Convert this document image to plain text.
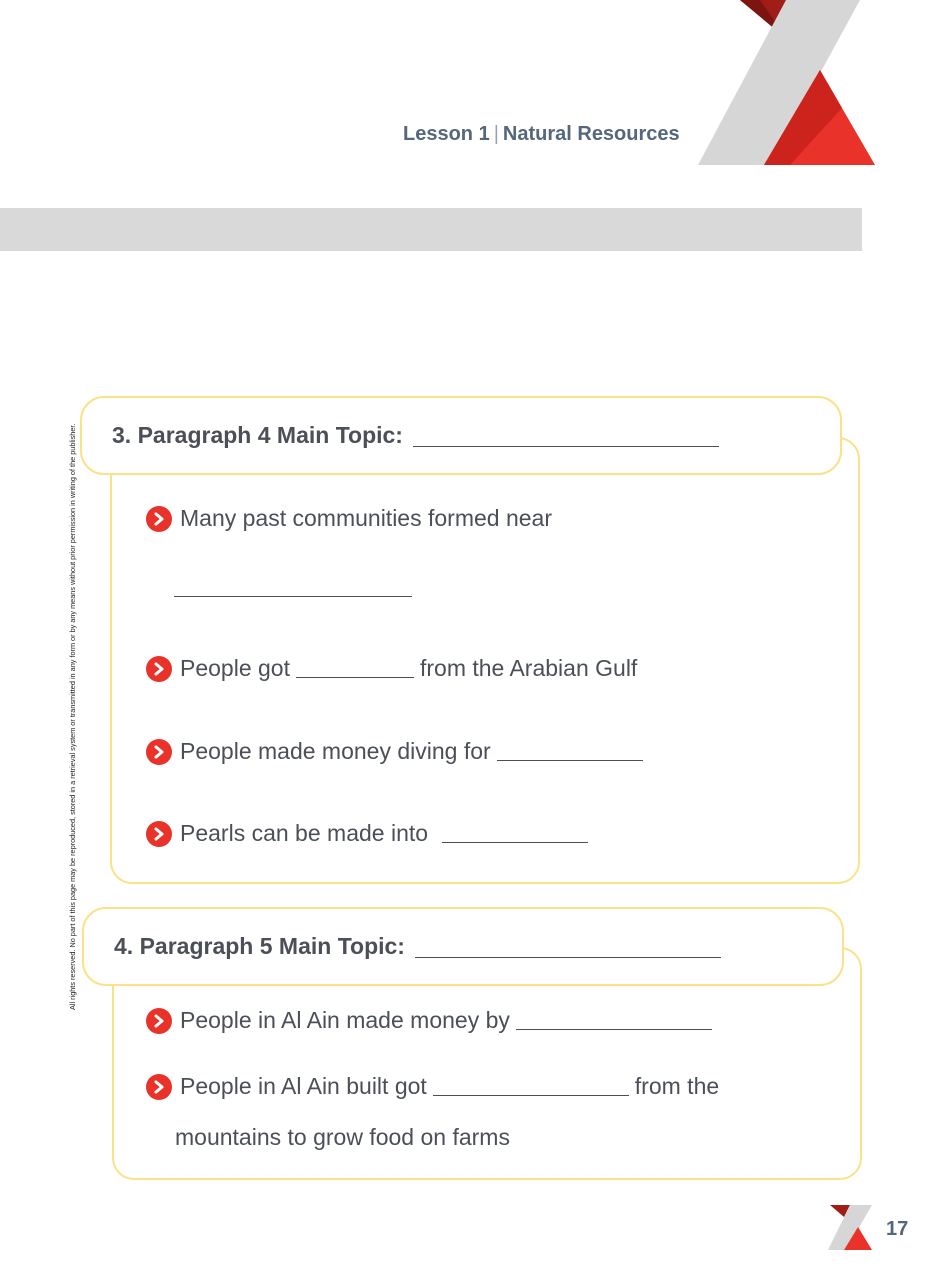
Lesson 1 | Natural Resources
All rights reserved. No part of this page may be reproduced, stored in a retrieval system or transmitted in any form or by any means without prior permission in writing of the publisher. 3. Paragraph 4 Main Topic:
Many past communities formed near
People got	from the Arabian Gulf
People made money diving for
Pearls can be made into
4. Paragraph 5 Main Topic:
People in Al Ain made money by
People in Al Ain built got	from the
mountains to grow food on farms
17
